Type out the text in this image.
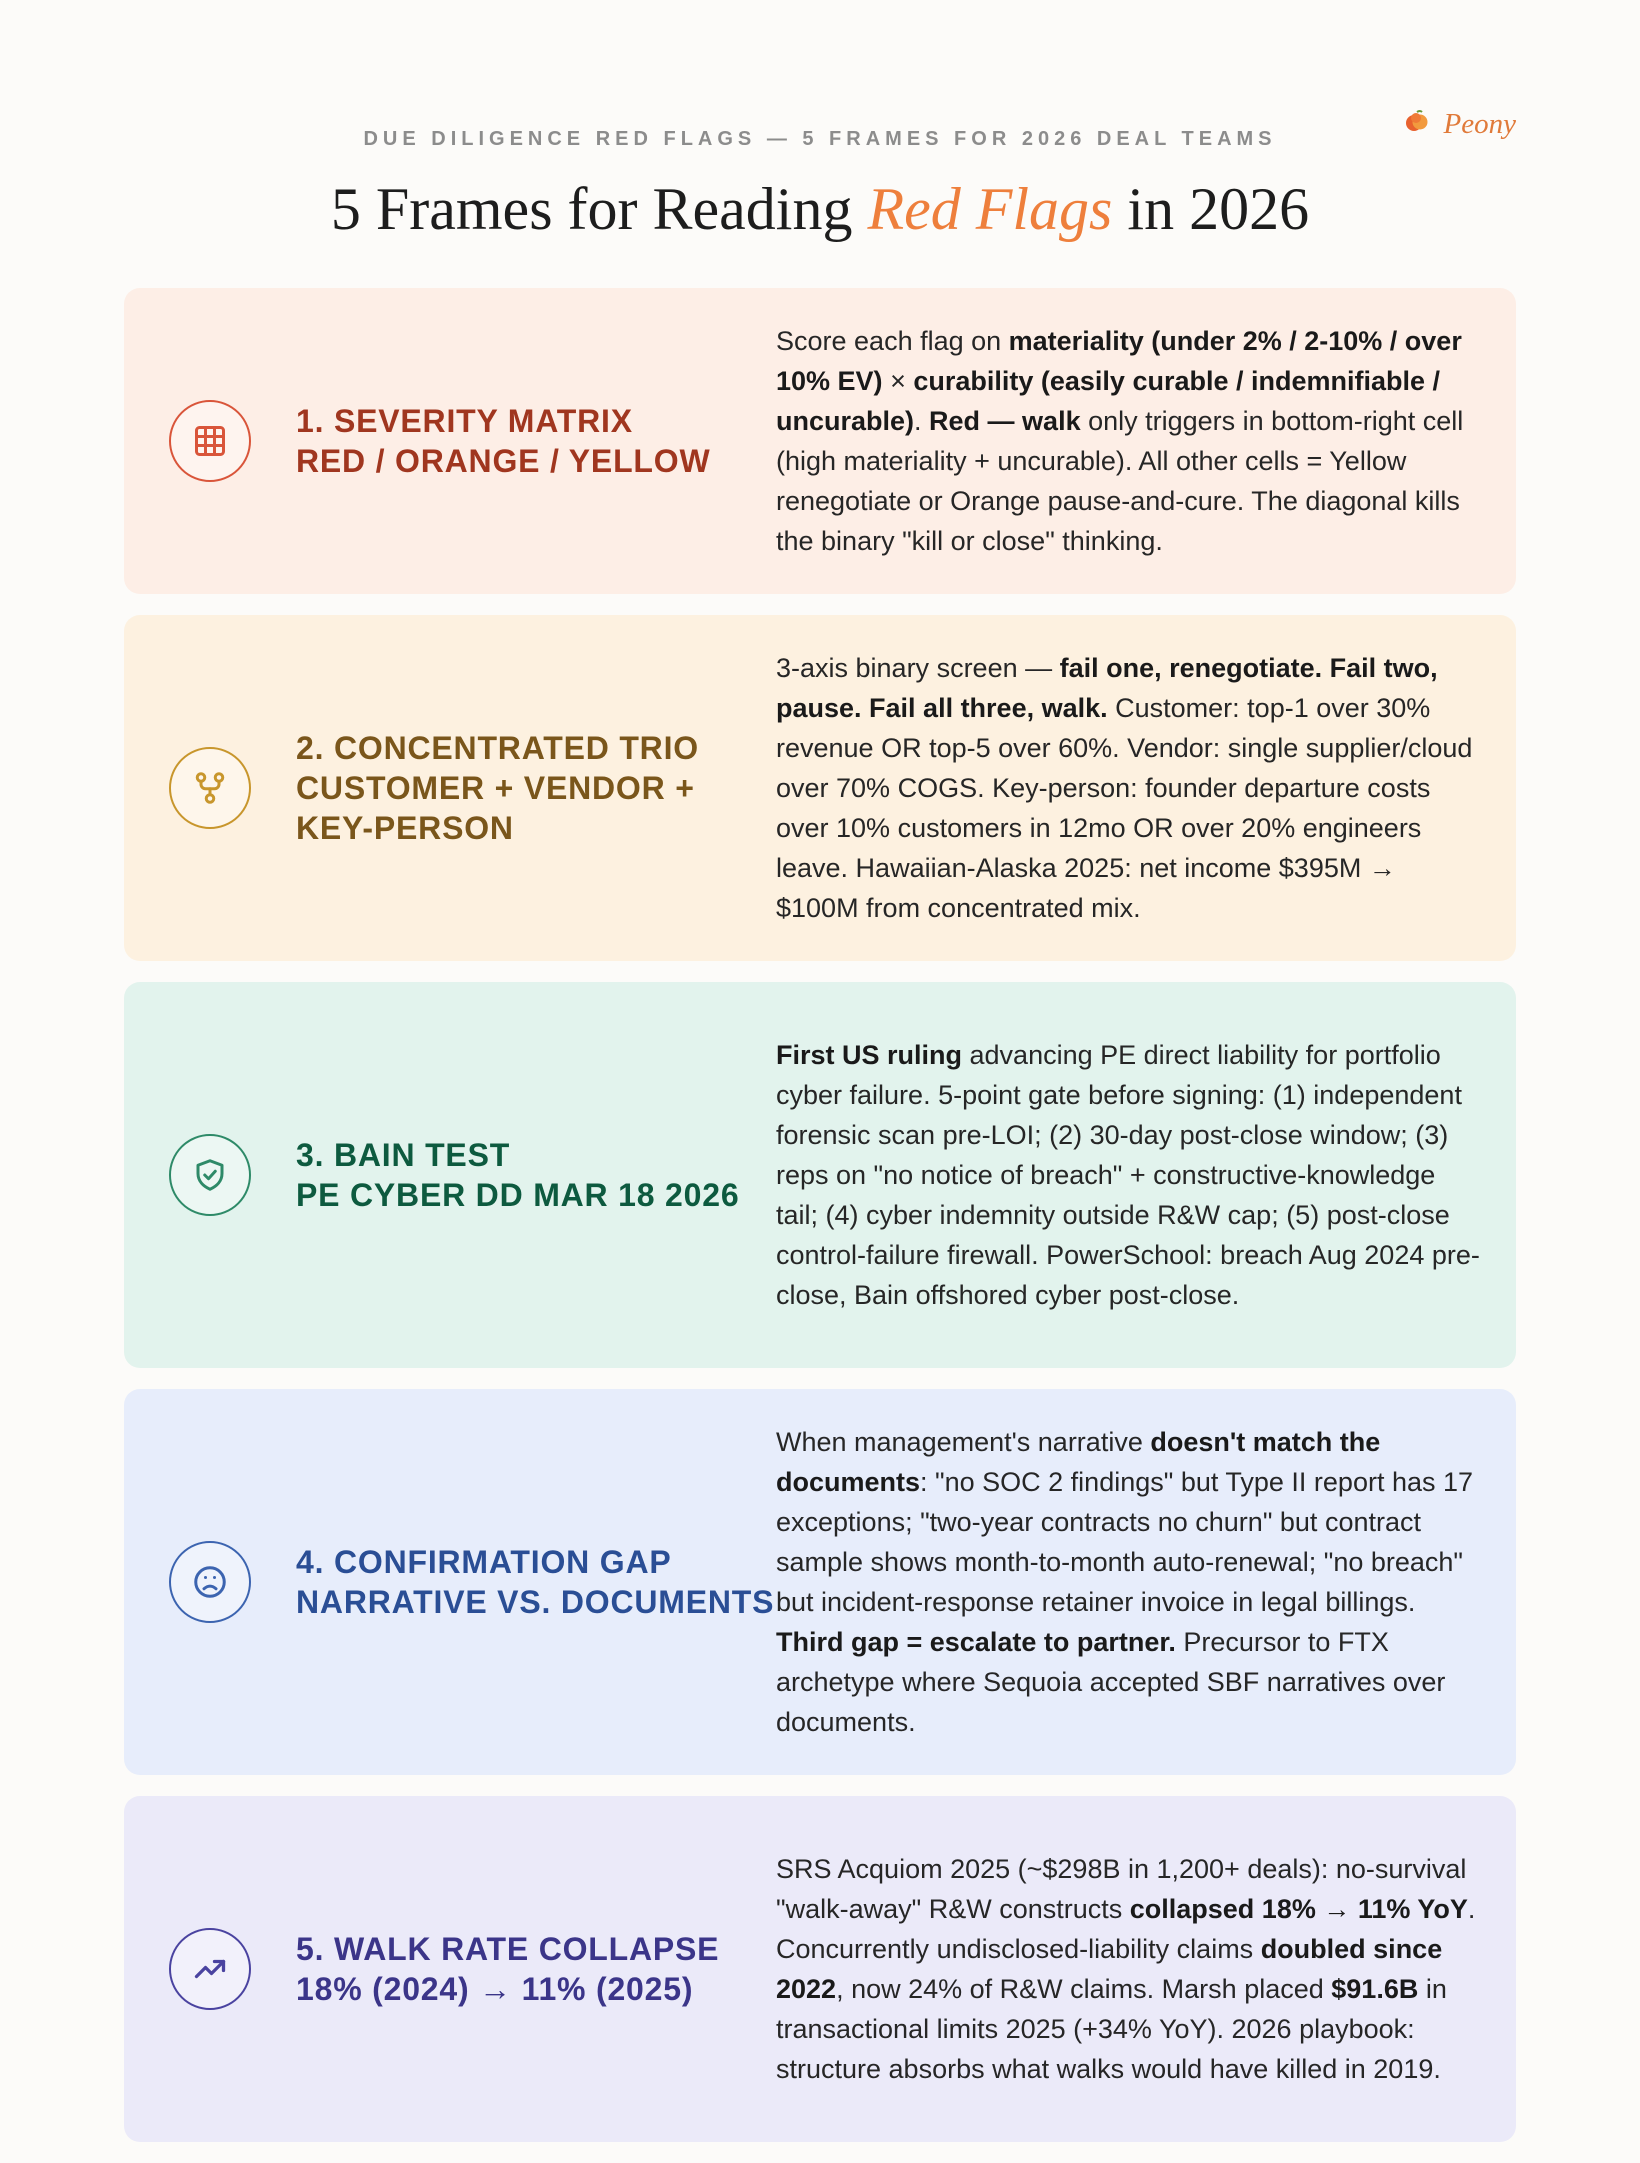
Peony
DUE DILIGENCE RED FLAGS — 5 FRAMES FOR 2026 DEAL TEAMS
5 Frames for Reading Red Flags in 2026
1. SEVERITY MATRIX
RED / ORANGE / YELLOW
Score each flag on materiality (under 2% / 2-10% / over 10% EV) × curability (easily curable / indemnifiable / uncurable). Red — walk only triggers in bottom-right cell (high materiality + uncurable). All other cells = Yellow renegotiate or Orange pause-and-cure. The diagonal kills the binary "kill or close" thinking.
2. CONCENTRATED TRIO
CUSTOMER + VENDOR + KEY-PERSON
3-axis binary screen — fail one, renegotiate. Fail two, pause. Fail all three, walk. Customer: top-1 over 30% revenue OR top-5 over 60%. Vendor: single supplier/cloud over 70% COGS. Key-person: founder departure costs over 10% customers in 12mo OR over 20% engineers leave. Hawaiian-Alaska 2025: net income $395M → $100M from concentrated mix.
3. BAIN TEST
PE CYBER DD MAR 18 2026
First US ruling advancing PE direct liability for portfolio cyber failure. 5-point gate before signing: (1) independent forensic scan pre-LOI; (2) 30-day post-close window; (3) reps on "no notice of breach" + constructive-knowledge tail; (4) cyber indemnity outside R&W cap; (5) post-close control-failure firewall. PowerSchool: breach Aug 2024 pre-close, Bain offshored cyber post-close.
4. CONFIRMATION GAP
NARRATIVE VS. DOCUMENTS
When management's narrative doesn't match the documents: "no SOC 2 findings" but Type II report has 17 exceptions; "two-year contracts no churn" but contract sample shows month-to-month auto-renewal; "no breach" but incident-response retainer invoice in legal billings. Third gap = escalate to partner. Precursor to FTX archetype where Sequoia accepted SBF narratives over documents.
5. WALK RATE COLLAPSE
18% (2024) → 11% (2025)
SRS Acquiom 2025 (~$298B in 1,200+ deals): no-survival "walk-away" R&W constructs collapsed 18% → 11% YoY. Concurrently undisclosed-liability claims doubled since 2022, now 24% of R&W claims. Marsh placed $91.6B in transactional limits 2025 (+34% YoY). 2026 playbook: structure absorbs what walks would have killed in 2019.
